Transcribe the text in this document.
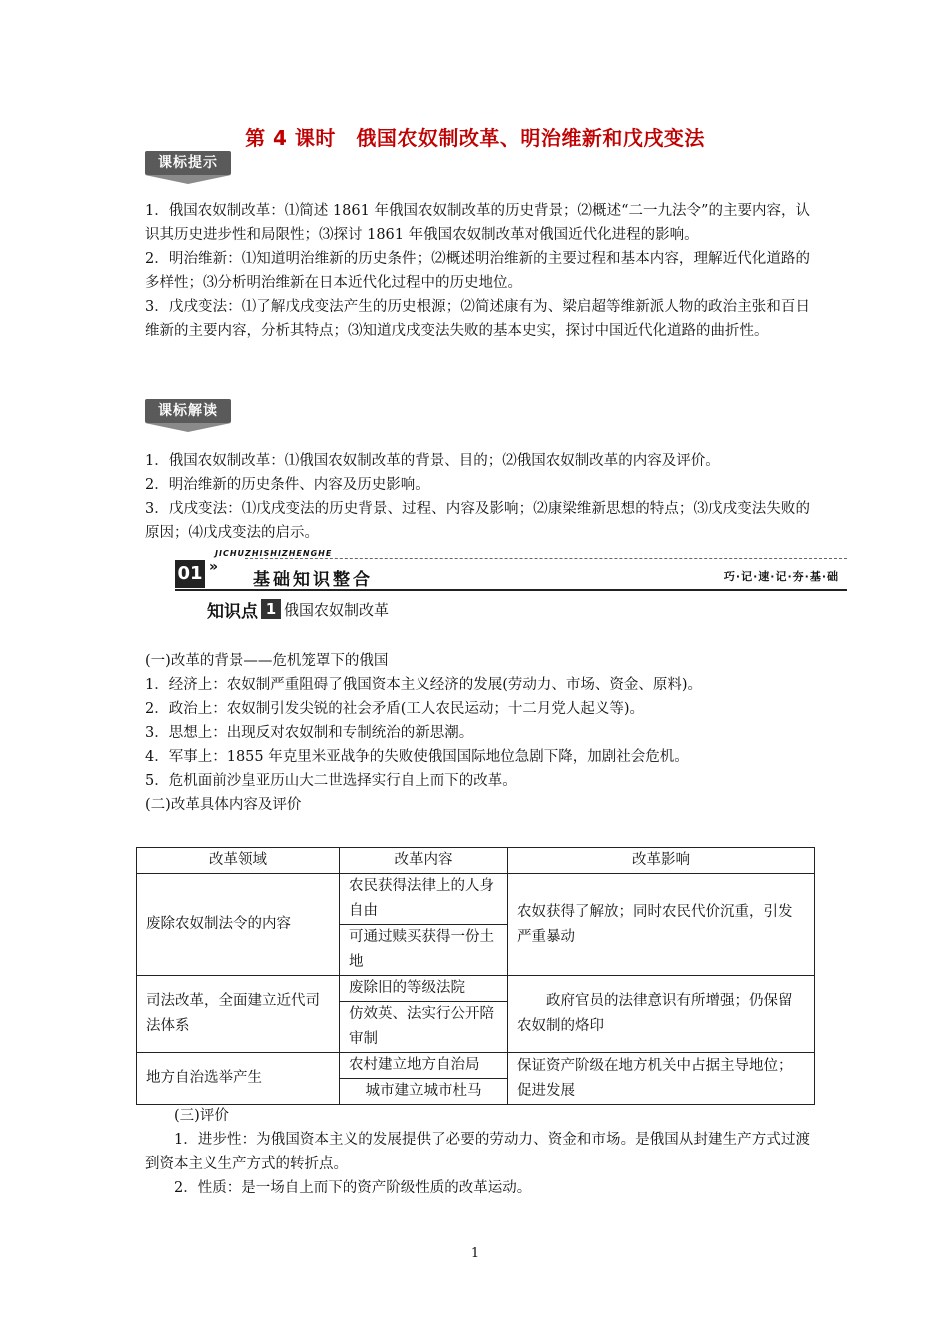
第 4 课时　俄国农奴制改革、明治维新和戊戌变法
课标提示

1．俄国农奴制改革：⑴简述 1861 年俄国农奴制改革的历史背景；⑵概述“二一九法令”的主要内容，认识其历史进步性和局限性；⑶探讨 1861 年俄国农奴制改革对俄国近代化进程的影响。

2．明治维新：⑴知道明治维新的历史条件；⑵概述明治维新的主要过程和基本内容，理解近代化道路的多样性；⑶分析明治维新在日本近代化过程中的历史地位。

3．戊戌变法：⑴了解戊戌变法产生的历史根源；⑵简述康有为、梁启超等维新派人物的政治主张和百日维新的主要内容，分析其特点；⑶知道戊戌变法失败的基本史实，探讨中国近代化道路的曲折性。

课标解读

1．俄国农奴制改革：⑴俄国农奴制改革的背景、目的；⑵俄国农奴制改革的内容及评价。

2．明治维新的历史条件、内容及历史影响。

3．戊戌变法：⑴戊戌变法的历史背景、过程、内容及影响；⑵康梁维新思想的特点；⑶戊戌变法失败的原因；⑷戊戌变法的启示。

JICHUZHISHIZHENGHE
01 »
基础知识整合	巧·记·速·记·夯·基·础
知识点 1 俄国农奴制改革

(一)改革的背景——危机笼罩下的俄国

1．经济上：农奴制严重阻碍了俄国资本主义经济的发展(劳动力、市场、资金、原料)。

2．政治上：农奴制引发尖锐的社会矛盾(工人农民运动；十二月党人起义等)。

3．思想上：出现反对农奴制和专制统治的新思潮。

4．军事上：1855 年克里米亚战争的失败使俄国国际地位急剧下降，加剧社会危机。

5．危机面前沙皇亚历山大二世选择实行自上而下的改革。

(二)改革具体内容及评价

改革领域	改革内容	改革影响
废除农奴制法令的内容	农民获得法律上的人身自由	农奴获得了解放；同时农民代价沉重，引发严重暴动
	可通过赎买获得一份土地	
司法改革，全面建立近代司法体系	废除旧的等级法院	政府官员的法律意识有所增强；仍保留农奴制的烙印
	仿效英、法实行公开陪审制	
地方自治选举产生	农村建立地方自治局	保证资产阶级在地方机关中占据主导地位；促进发展
	城市建立城市杜马	

(三)评价

1．进步性：为俄国资本主义的发展提供了必要的劳动力、资金和市场。是俄国从封建生产方式过渡到资本主义生产方式的转折点。

2．性质：是一场自上而下的资产阶级性质的改革运动。

1
